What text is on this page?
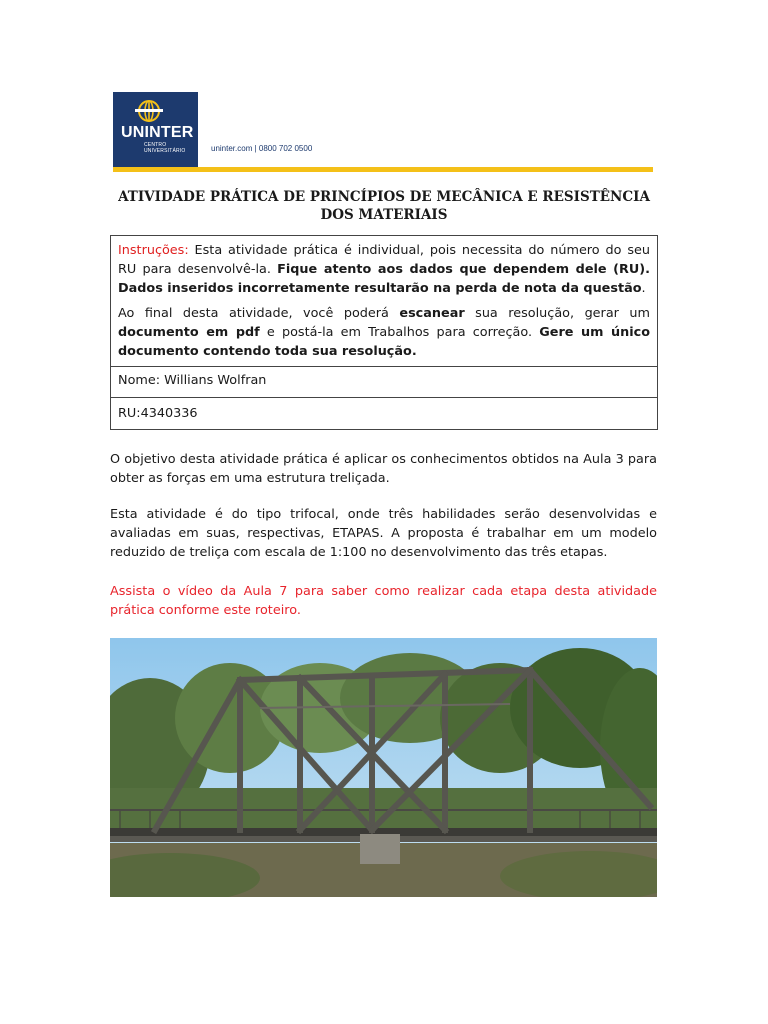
UNINTER
CENTRO UNIVERSITÁRIO	uninter.com | 0800 702 0500
ATIVIDADE PRÁTICA DE PRINCÍPIOS DE MECÂNICA E RESISTÊNCIA DOS MATERIAIS

Instruções: Esta atividade prática é individual, pois necessita do número do seu RU para desenvolvê-la. Fique atento aos dados que dependem dele (RU). Dados inseridos incorretamente resultarão na perda de nota da questão.

Ao final desta atividade, você poderá escanear sua resolução, gerar um documento em pdf e postá-la em Trabalhos para correção. Gere um único documento contendo toda sua resolução.

Nome: Willians Wolfran
RU:4340336

O objetivo desta atividade prática é aplicar os conhecimentos obtidos na Aula 3 para obter as forças em uma estrutura treliçada.

Esta atividade é do tipo trifocal, onde três habilidades serão desenvolvidas e avaliadas em suas, respectivas, ETAPAS. A proposta é trabalhar em um modelo reduzido de treliça com escala de 1:100 no desenvolvimento das três etapas.

Assista o vídeo da Aula 7 para saber como realizar cada etapa desta atividade prática conforme este roteiro.
